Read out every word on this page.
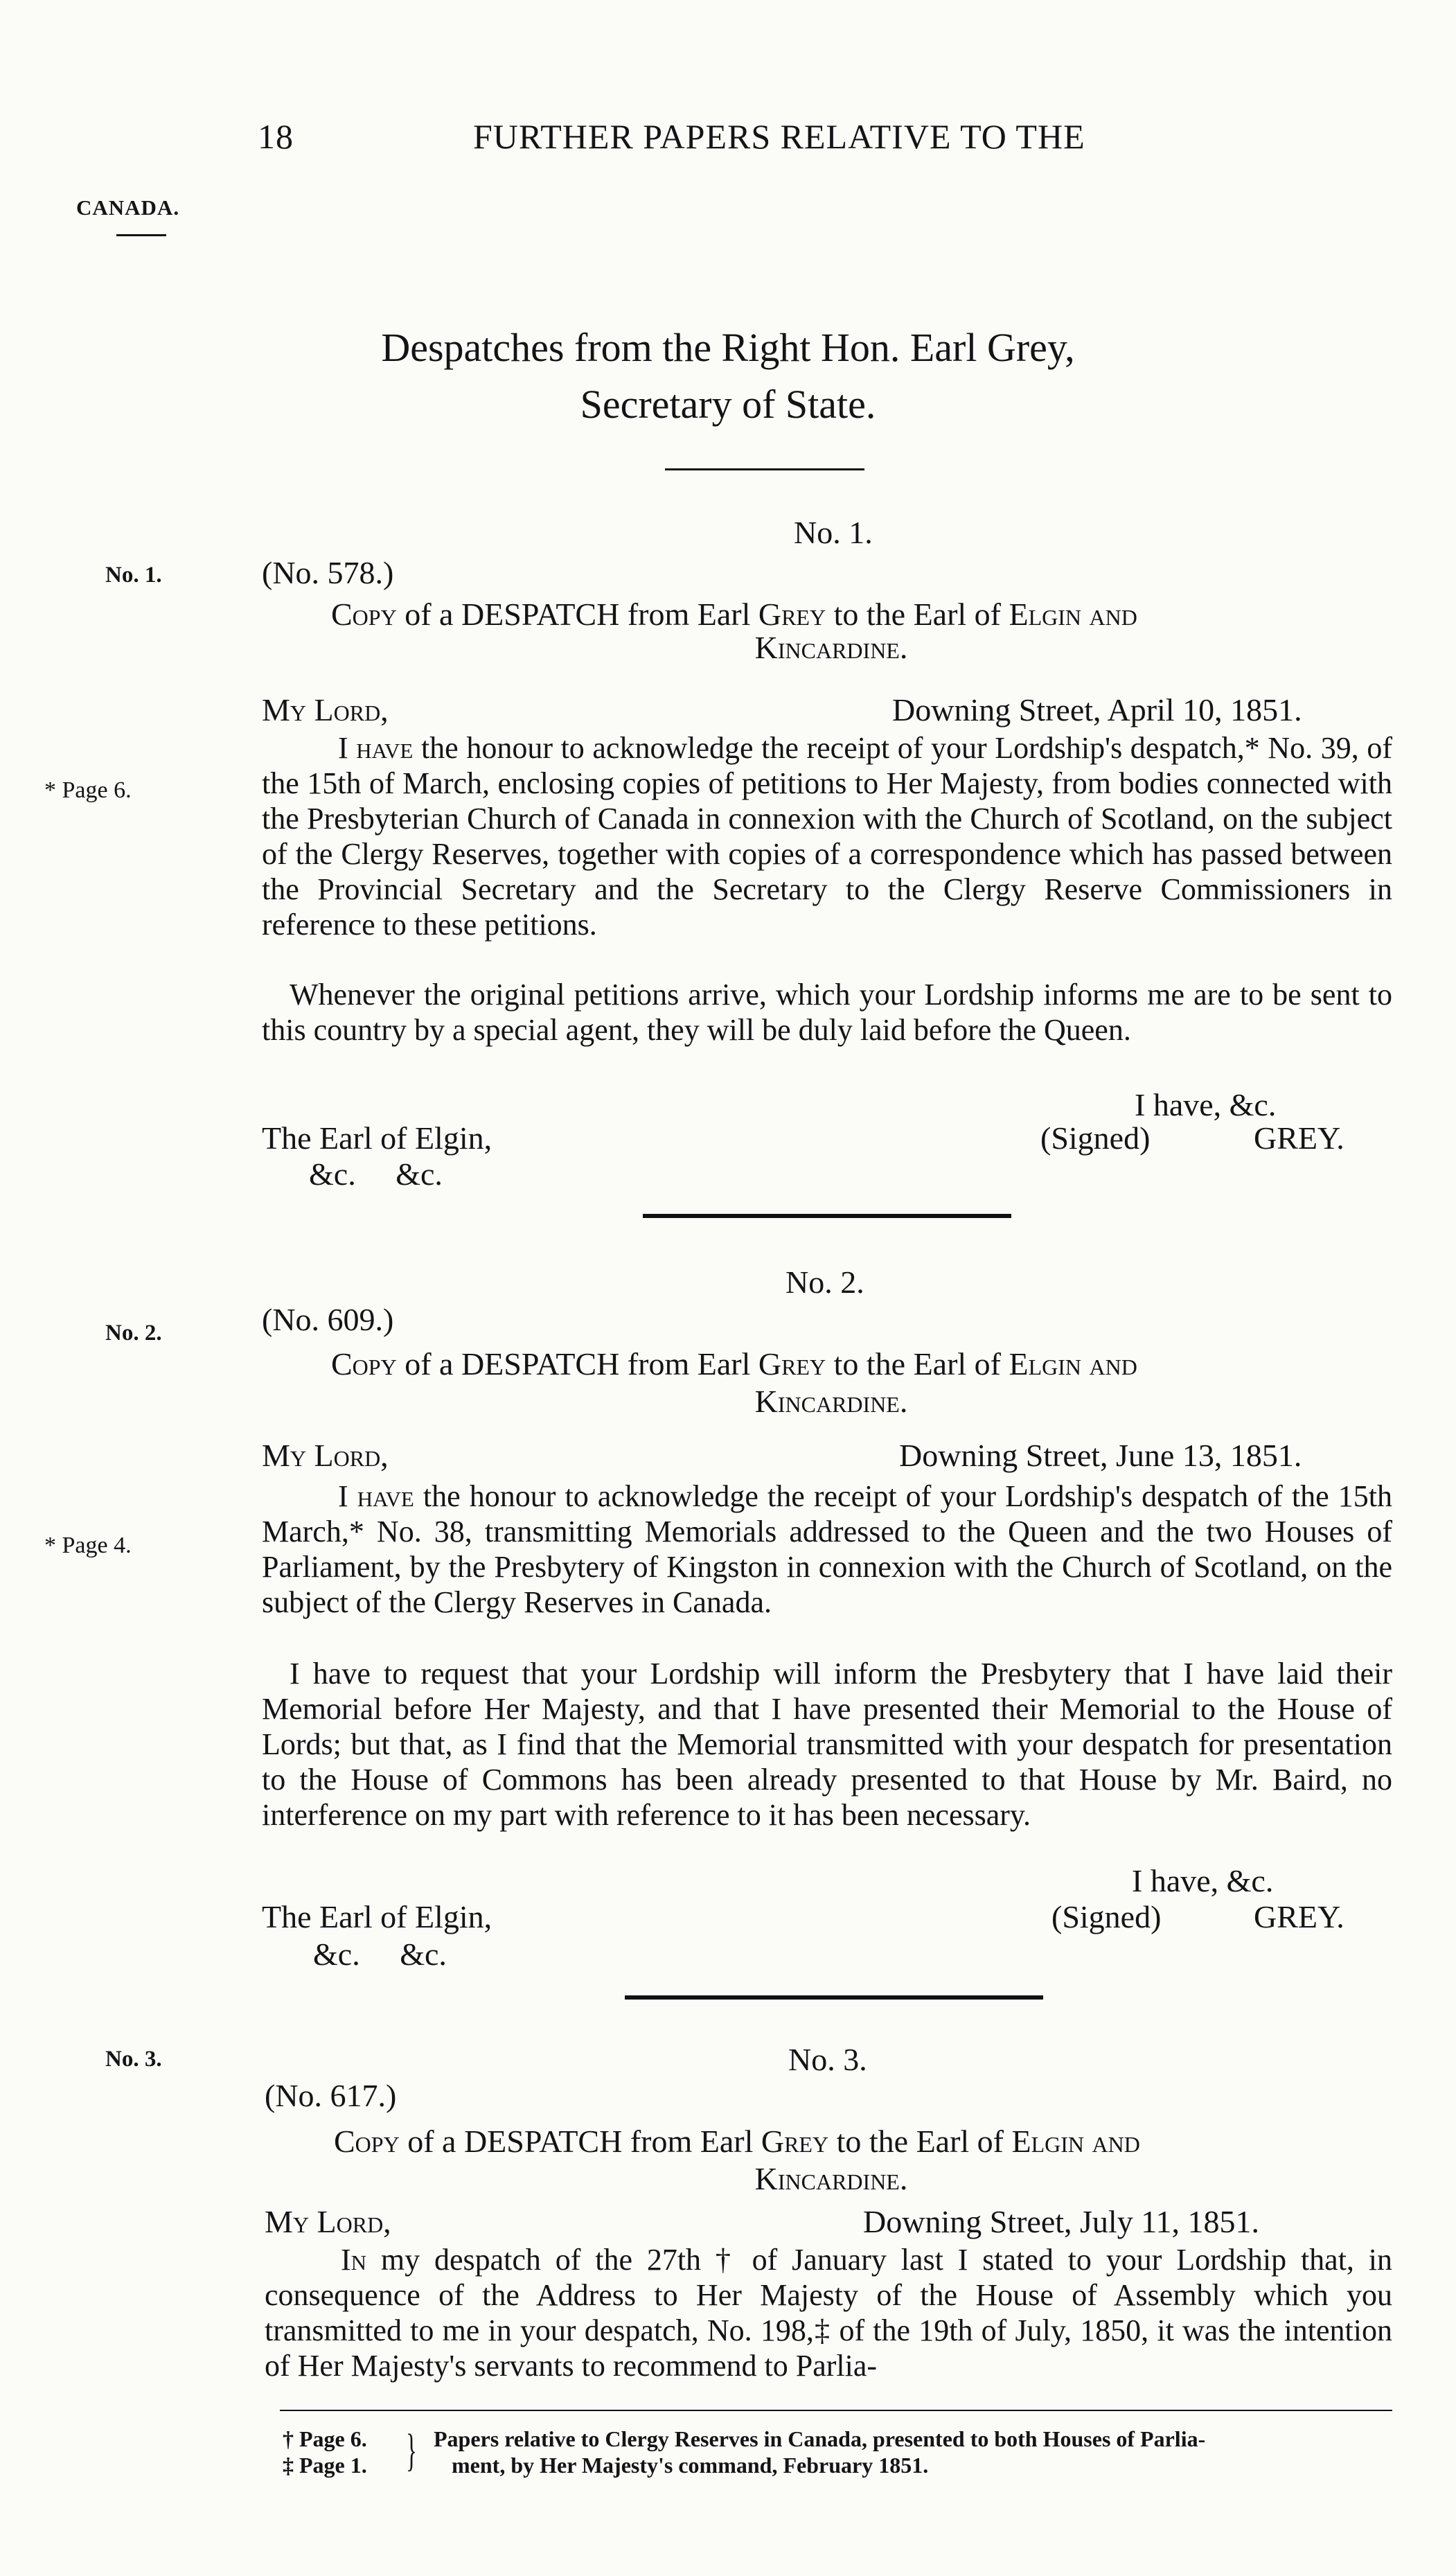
18	FURTHER PAPERS RELATIVE TO THE
CANADA.
Despatches from the Right Hon. Earl Grey,
Secretary of State.
No. 1.
No. 1.	(No. 578.)
Copy of a DESPATCH from Earl Grey to the Earl of Elgin and
Kincardine.
My Lord,	Downing Street, April 10, 1851.
* Page 6.
I have the honour to acknowledge the receipt of your Lordship's despatch,* No. 39, of the 15th of March, enclosing copies of petitions to Her Majesty, from bodies connected with the Presbyterian Church of Canada in connexion with the Church of Scotland, on the subject of the Clergy Reserves, together with copies of a correspondence which has passed between the Provincial Secretary and the Secretary to the Clergy Reserve Commissioners in reference to these petitions.
Whenever the original petitions arrive, which your Lordship informs me are to be sent to this country by a special agent, they will be duly laid before the Queen.
I have, &c.
(Signed)	GREY.
The Earl of Elgin,
&c.     &c.
No. 2.
No. 2.	(No. 609.)
Copy of a DESPATCH from Earl Grey to the Earl of Elgin and
Kincardine.
My Lord,	Downing Street, June 13, 1851.
* Page 4.
I have the honour to acknowledge the receipt of your Lordship's despatch of the 15th March,* No. 38, transmitting Memorials addressed to the Queen and the two Houses of Parliament, by the Presbytery of Kingston in connexion with the Church of Scotland, on the subject of the Clergy Reserves in Canada.
I have to request that your Lordship will inform the Presbytery that I have laid their Memorial before Her Majesty, and that I have presented their Memorial to the House of Lords; but that, as I find that the Memorial transmitted with your despatch for presentation to the House of Commons has been already presented to that House by Mr. Baird, no interference on my part with reference to it has been necessary.
I have, &c.
(Signed)	GREY.
The Earl of Elgin,
&c.     &c.
No. 3.	No. 3.
(No. 617.)
Copy of a DESPATCH from Earl Grey to the Earl of Elgin and
Kincardine.
My Lord,	Downing Street, July 11, 1851.
In my despatch of the 27th † of January last I stated to your Lordship that, in consequence of the Address to Her Majesty of the House of Assembly which you transmitted to me in your despatch, No. 198,‡ of the 19th of July, 1850, it was the intention of Her Majesty's servants to recommend to Parlia-
† Page 6.
‡ Page 1. } Papers relative to Clergy Reserves in Canada, presented to both Houses of Parlia-
ment, by Her Majesty's command, February 1851.
